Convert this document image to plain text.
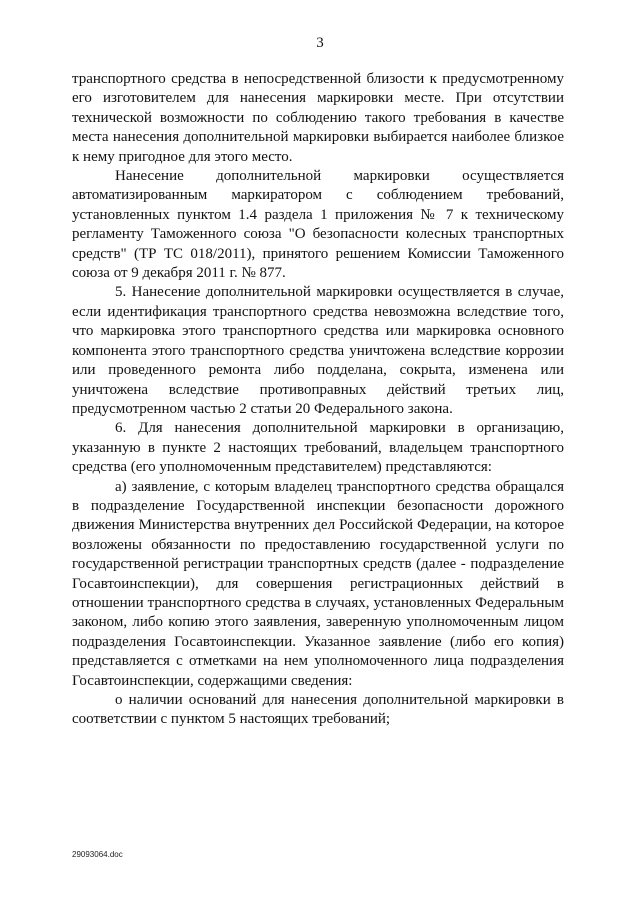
3

транспортного средства в непосредственной близости к предусмотренному его изготовителем для нанесения маркировки месте. При отсутствии технической возможности по соблюдению такого требования в качестве места нанесения дополнительной маркировки выбирается наиболее близкое к нему пригодное для этого место.

Нанесение дополнительной маркировки осуществляется автоматизированным маркиратором с соблюдением требований, установленных пунктом 1.4 раздела 1 приложения № 7 к техническому регламенту Таможенного союза "О безопасности колесных транспортных средств" (ТР ТС 018/2011), принятого решением Комиссии Таможенного союза от 9 декабря 2011 г. № 877.

5. Нанесение дополнительной маркировки осуществляется в случае, если идентификация транспортного средства невозможна вследствие того, что маркировка этого транспортного средства или маркировка основного компонента этого транспортного средства уничтожена вследствие коррозии или проведенного ремонта либо подделана, сокрыта, изменена или уничтожена вследствие противоправных действий третьих лиц, предусмотренном частью 2 статьи 20 Федерального закона.

6. Для нанесения дополнительной маркировки в организацию, указанную в пункте 2 настоящих требований, владельцем транспортного средства (его уполномоченным представителем) представляются:

а) заявление, с которым владелец транспортного средства обращался в подразделение Государственной инспекции безопасности дорожного движения Министерства внутренних дел Российской Федерации, на которое возложены обязанности по предоставлению государственной услуги по государственной регистрации транспортных средств (далее - подразделение Госавтоинспекции), для совершения регистрационных действий в отношении транспортного средства в случаях, установленных Федеральным законом, либо копию этого заявления, заверенную уполномоченным лицом подразделения Госавтоинспекции. Указанное заявление (либо его копия) представляется с отметками на нем уполномоченного лица подразделения Госавтоинспекции, содержащими сведения:

о наличии оснований для нанесения дополнительной маркировки в соответствии с пунктом 5 настоящих требований;

29093064.doc
